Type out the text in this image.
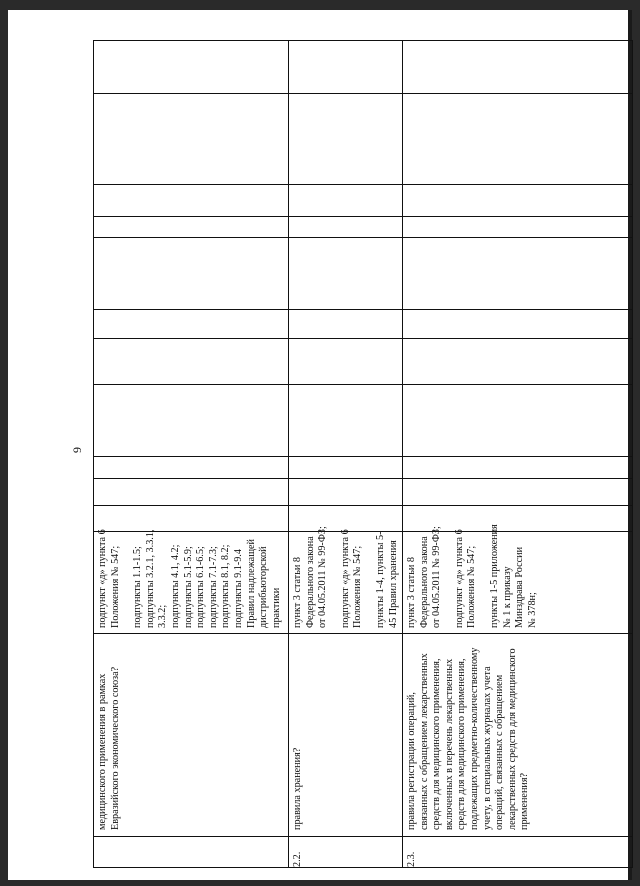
9
медицинского применения в рамках Евразийского экономического союза?
подпункт «д» пункта 6 Положения № 547; подпункты 1.1-1.5; подпункты 3.2.1, 3.3.1, 3.3.2; подпункты 4.1, 4.2; подпункты 5.1-5.9; подпункты 6.1-6.5; подпункты 7.1-7.3; подпункты 8.1, 8.2; подпункты 9.1-9.4 Правил надлежащей дистрибьюторской практики
2.2.
правила хранения?
пункт 3 статьи 8 Федерального закона от 04.05.2011 № 99-ФЗ; подпункт «д» пункта 6 Положения № 547; пункты 1-4, пункты 5- 45 Правил хранения
2.3.
правила регистрации операций, связанных с обращением лекарственных средств для медицинского применения, включенных в перечень лекарственных средств для медицинского применения, подлежащих предметно-количественному учету, в специальных журналах учета операций, связанных с обращением лекарственных средств для медицинского применения?
пункт 3 статьи 8 Федерального закона от 04.05.2011 № 99-ФЗ; подпункт «д» пункта 6 Положения № 547; пункты 1-5 приложения № 1 к приказу Минздрава России № 378н;
